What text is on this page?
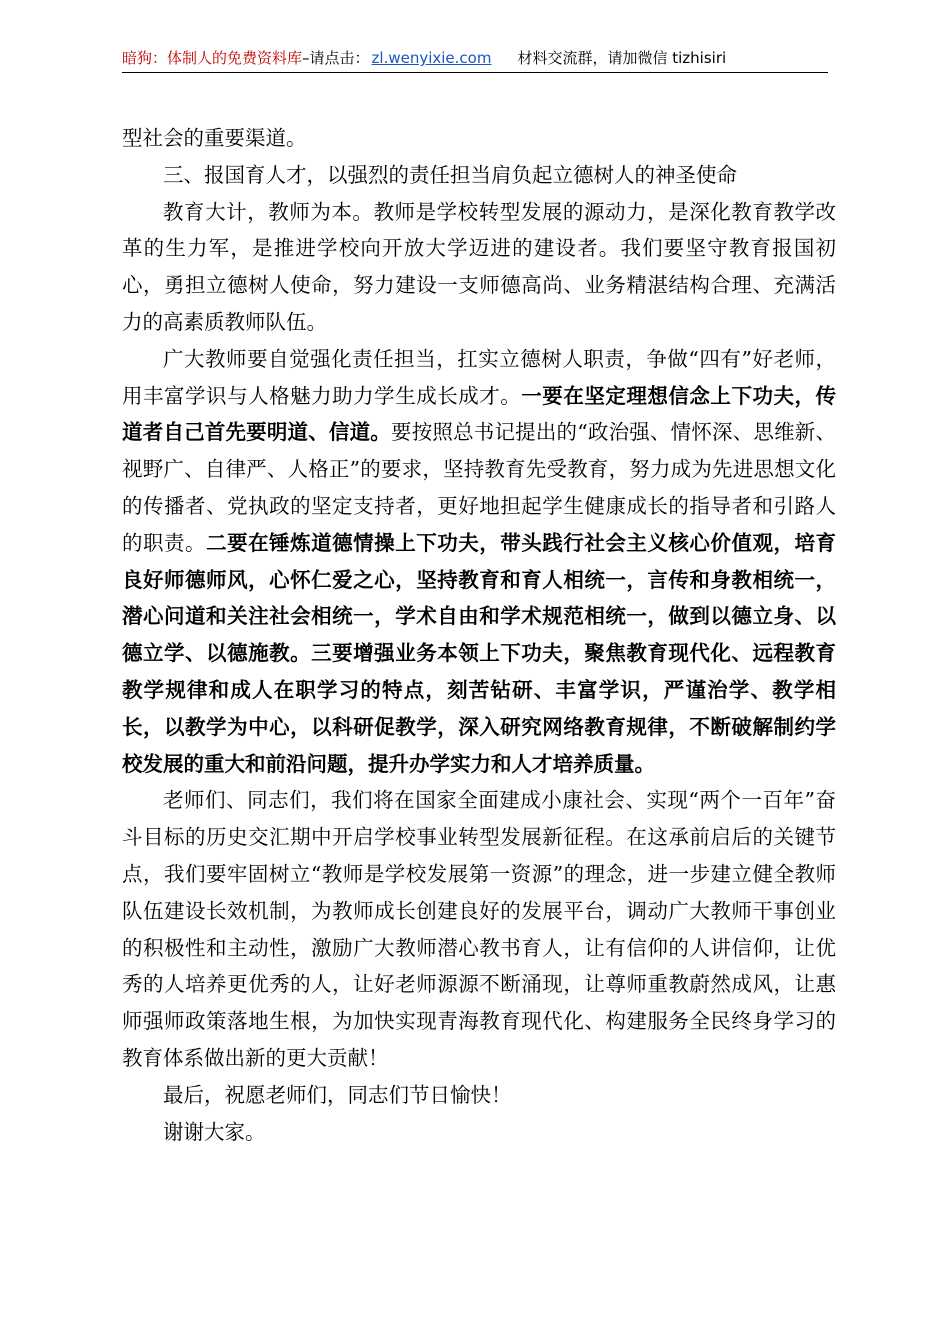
暗狗：体制人的免费资料库–请点击： zl.wenyixie.com 材料交流群，请加微信 tizhisiri

型社会的重要渠道。

三、报国育人才，以强烈的责任担当肩负起立德树人的神圣使命

教育大计，教师为本。教师是学校转型发展的源动力，是深化教育教学改革的生力军，是推进学校向开放大学迈进的建设者。我们要坚守教育报国初心，勇担立德树人使命，努力建设一支师德高尚、业务精湛结构合理、充满活力的高素质教师队伍。

广大教师要自觉强化责任担当，扛实立德树人职责，争做“四有”好老师，用丰富学识与人格魅力助力学生成长成才。一要在坚定理想信念上下功夫，传道者自己首先要明道、信道。要按照总书记提出的“政治强、情怀深、思维新、视野广、自律严、人格正”的要求，坚持教育先受教育，努力成为先进思想文化的传播者、党执政的坚定支持者，更好地担起学生健康成长的指导者和引路人的职责。二要在锤炼道德情操上下功夫，带头践行社会主义核心价值观，培育良好师德师风，心怀仁爱之心，坚持教育和育人相统一，言传和身教相统一，潜心问道和关注社会相统一，学术自由和学术规范相统一，做到以德立身、以德立学、以德施教。三要增强业务本领上下功夫，聚焦教育现代化、远程教育教学规律和成人在职学习的特点，刻苦钻研、丰富学识，严谨治学、教学相长，以教学为中心，以科研促教学，深入研究网络教育规律，不断破解制约学校发展的重大和前沿问题，提升办学实力和人才培养质量。

老师们、同志们，我们将在国家全面建成小康社会、实现“两个一百年”奋斗目标的历史交汇期中开启学校事业转型发展新征程。在这承前启后的关键节点，我们要牢固树立“教师是学校发展第一资源”的理念，进一步建立健全教师队伍建设长效机制，为教师成长创建良好的发展平台，调动广大教师干事创业的积极性和主动性，激励广大教师潜心教书育人，让有信仰的人讲信仰，让优秀的人培养更优秀的人，让好老师源源不断涌现，让尊师重教蔚然成风，让惠师强师政策落地生根，为加快实现青海教育现代化、构建服务全民终身学习的教育体系做出新的更大贡献！

最后，祝愿老师们，同志们节日愉快！

谢谢大家。
